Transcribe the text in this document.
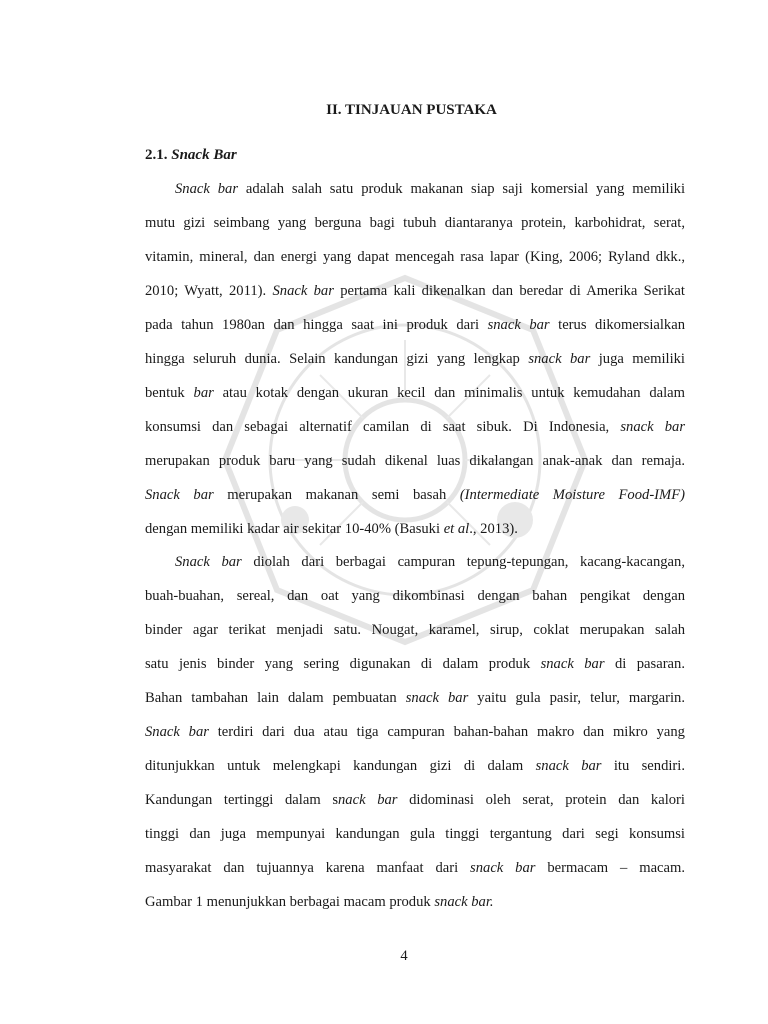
II. TINJAUAN PUSTAKA
2.1. Snack Bar
Snack bar adalah salah satu produk makanan siap saji komersial yang memiliki
mutu gizi seimbang yang berguna bagi tubuh diantaranya protein, karbohidrat, serat,
vitamin, mineral, dan energi yang dapat mencegah rasa lapar (King, 2006; Ryland dkk.,
2010; Wyatt, 2011). Snack bar pertama kali dikenalkan dan beredar di Amerika Serikat
pada tahun 1980an dan hingga saat ini produk dari snack bar terus dikomersialkan
hingga seluruh dunia. Selain kandungan gizi yang lengkap snack bar juga memiliki
bentuk bar atau kotak dengan ukuran kecil dan minimalis untuk kemudahan dalam
konsumsi dan sebagai alternatif camilan di saat sibuk. Di Indonesia, snack bar
merupakan produk baru yang sudah dikenal luas dikalangan anak-anak dan remaja.
Snack bar merupakan makanan semi basah (Intermediate Moisture Food-IMF)
dengan memiliki kadar air sekitar 10-40% (Basuki et al., 2013).
Snack bar diolah dari berbagai campuran tepung-tepungan, kacang-kacangan,
buah-buahan, sereal, dan oat yang dikombinasi dengan bahan pengikat dengan
binder agar terikat menjadi satu. Nougat, karamel, sirup, coklat merupakan salah
satu jenis binder yang sering digunakan di dalam produk snack bar di pasaran.
Bahan tambahan lain dalam pembuatan snack bar yaitu gula pasir, telur, margarin.
Snack bar terdiri dari dua atau tiga campuran bahan-bahan makro dan mikro yang
ditunjukkan untuk melengkapi kandungan gizi di dalam snack bar itu sendiri.
Kandungan tertinggi dalam snack bar didominasi oleh serat, protein dan kalori
tinggi dan juga mempunyai kandungan gula tinggi tergantung dari segi konsumsi
masyarakat dan tujuannya karena manfaat dari snack bar bermacam – macam.
Gambar 1 menunjukkan berbagai macam produk snack bar.
4
